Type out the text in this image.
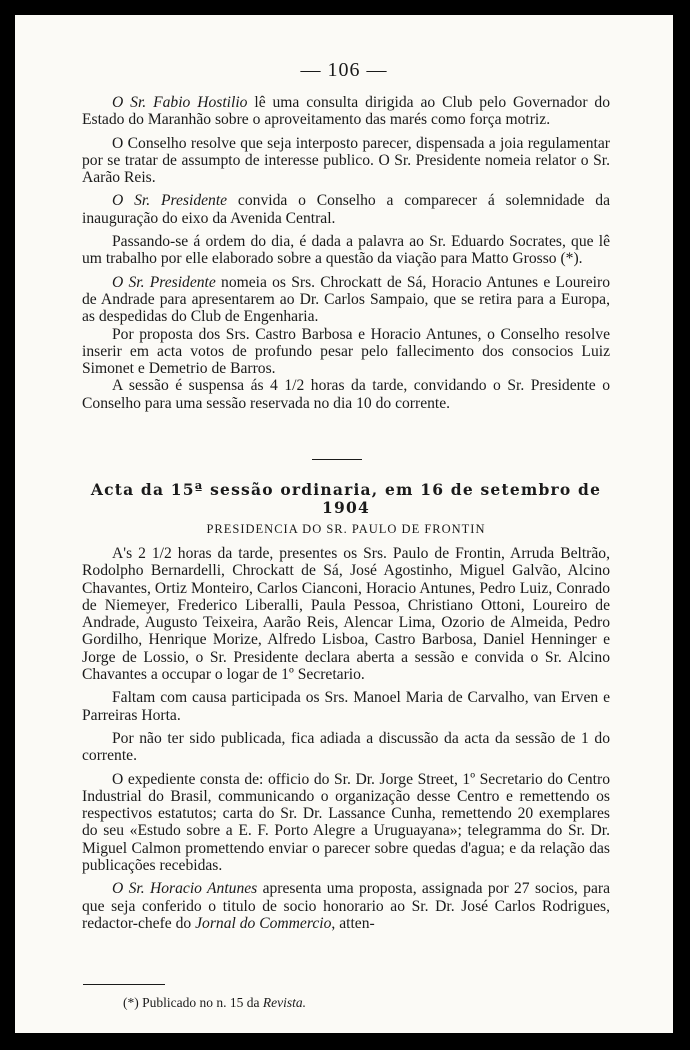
— 106 —

O Sr. Fabio Hostilio lê uma consulta dirigida ao Club pelo Governador do Estado do Maranhão sobre o aproveitamento das marés como força motriz.

O Conselho resolve que seja interposto parecer, dispensada a joia regulamentar por se tratar de assumpto de interesse publico. O Sr. Presidente nomeia relator o Sr. Aarão Reis.

O Sr. Presidente convida o Conselho a comparecer á solemnidade da inauguração do eixo da Avenida Central.

Passando-se á ordem do dia, é dada a palavra ao Sr. Eduardo Socrates, que lê um trabalho por elle elaborado sobre a questão da viação para Matto Grosso (*).

O Sr. Presidente nomeia os Srs. Chrockatt de Sá, Horacio Antunes e Loureiro de Andrade para apresentarem ao Dr. Carlos Sampaio, que se retira para a Europa, as despedidas do Club de Engenharia.

Por proposta dos Srs. Castro Barbosa e Horacio Antunes, o Conselho resolve inserir em acta votos de profundo pesar pelo fallecimento dos consocios Luiz Simonet e Demetrio de Barros.

A sessão é suspensa ás 4 1/2 horas da tarde, convidando o Sr. Presidente o Conselho para uma sessão reservada no dia 10 do corrente.

Acta da 15ª sessão ordinaria, em 16 de setembro de 1904
PRESIDENCIA DO SR. PAULO DE FRONTIN

A's 2 1/2 horas da tarde, presentes os Srs. Paulo de Frontin, Arruda Beltrão, Rodolpho Bernardelli, Chrockatt de Sá, José Agostinho, Miguel Galvão, Alcino Chavantes, Ortiz Monteiro, Carlos Cianconi, Horacio Antunes, Pedro Luiz, Conrado de Niemeyer, Frederico Liberalli, Paula Pessoa, Christiano Ottoni, Loureiro de Andrade, Augusto Teixeira, Aarão Reis, Alencar Lima, Ozorio de Almeida, Pedro Gordilho, Henrique Morize, Alfredo Lisboa, Castro Barbosa, Daniel Henninger e Jorge de Lossio, o Sr. Presidente declara aberta a sessão e convida o Sr. Alcino Chavantes a occupar o logar de 1º Secretario.

Faltam com causa participada os Srs. Manoel Maria de Carvalho, van Erven e Parreiras Horta.

Por não ter sido publicada, fica adiada a discussão da acta da sessão de 1 do corrente.

O expediente consta de: officio do Sr. Dr. Jorge Street, 1º Secretario do Centro Industrial do Brasil, communicando o organização desse Centro e remettendo os respectivos estatutos; carta do Sr. Dr. Lassance Cunha, remettendo 20 exemplares do seu «Estudo sobre a E. F. Porto Alegre a Uruguayana»; telegramma do Sr. Dr. Miguel Calmon promettendo enviar o parecer sobre quedas d'agua; e da relação das publicações recebidas.

O Sr. Horacio Antunes apresenta uma proposta, assignada por 27 socios, para que seja conferido o titulo de socio honorario ao Sr. Dr. José Carlos Rodrigues, redactor-chefe do Jornal do Commercio, atten-

(*) Publicado no n. 15 da Revista.
